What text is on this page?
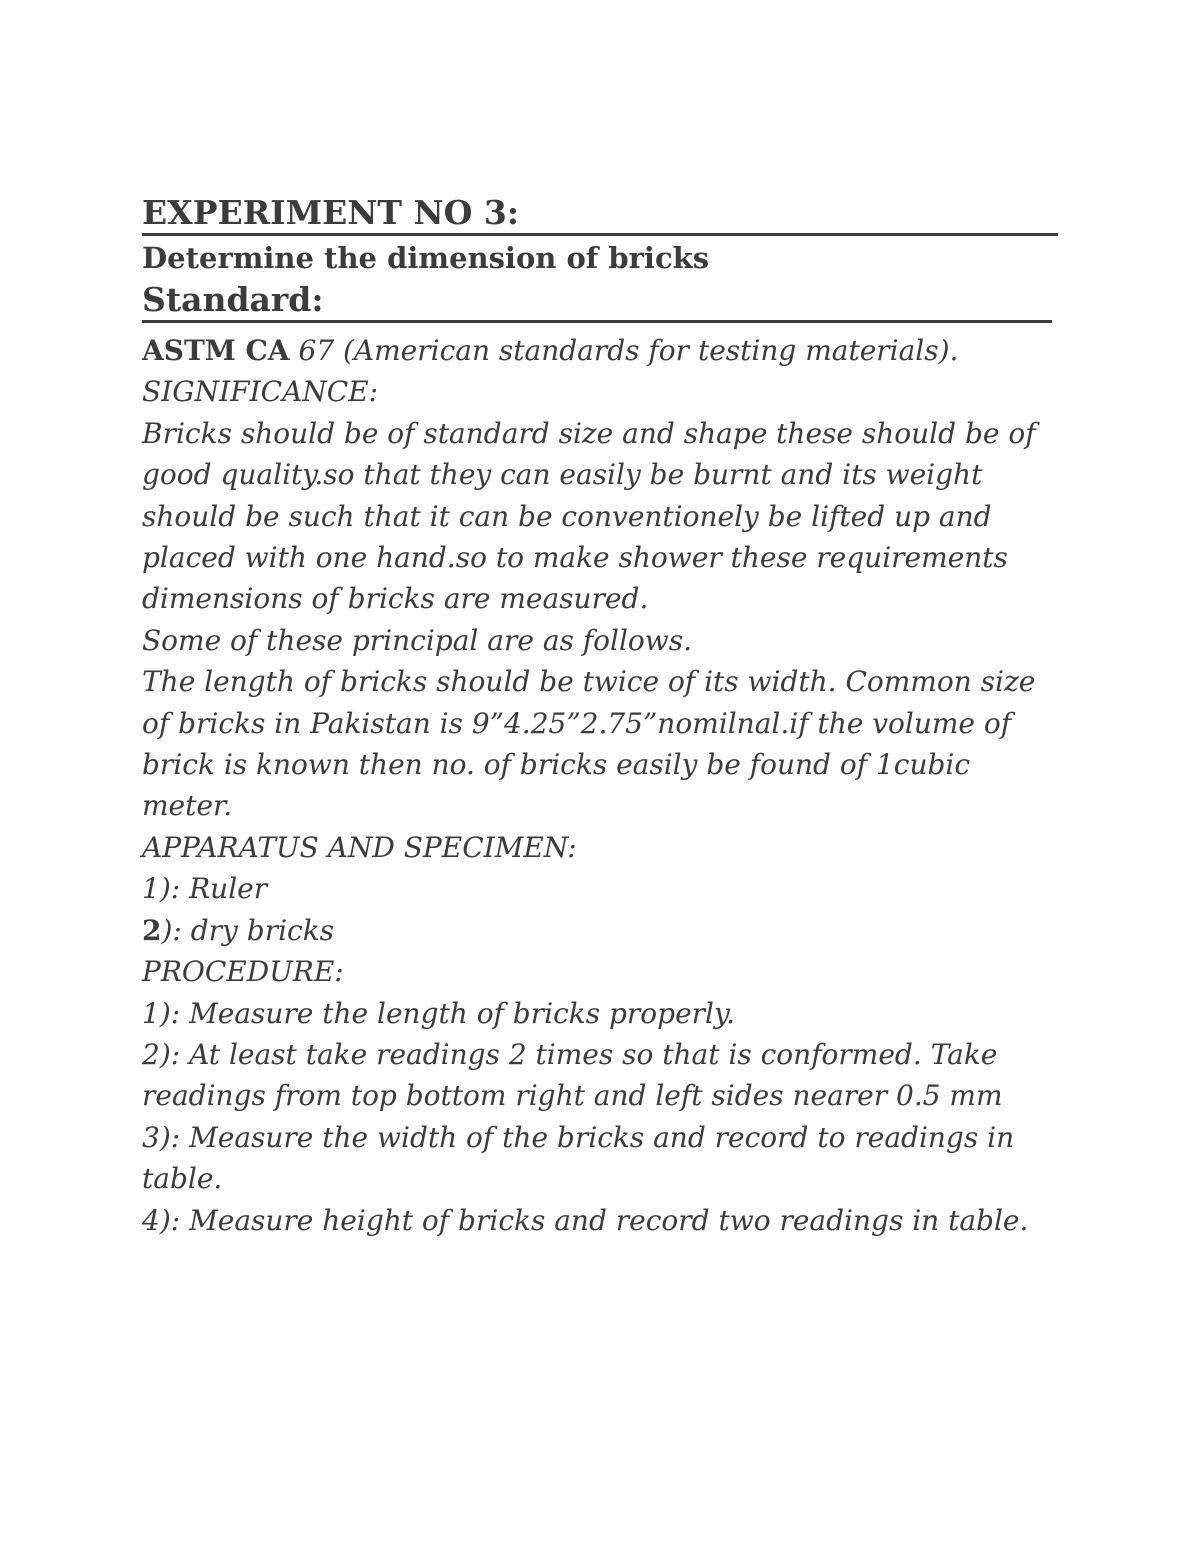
EXPERIMENT NO 3:
Determine the dimension of bricks
Standard:
ASTM CA 67 (American standards for testing materials).
SIGNIFICANCE:
Bricks should be of standard size and shape these should be of
good quality.so that they can easily be burnt and its weight
should be such that it can be conventionely be lifted up and
placed with one hand.so to make shower these requirements
dimensions of bricks are measured.
Some of these principal are as follows.
The length of bricks should be twice of its width. Common size
of bricks in Pakistan is 9”4.25”2.75”nomilnal.if the volume of
brick is known then no. of bricks easily be found of 1cubic
meter.
APPARATUS AND SPECIMEN:
1): Ruler
2): dry bricks
PROCEDURE:
1): Measure the length of bricks properly.
2): At least take readings 2 times so that is conformed. Take
readings from top bottom right and left sides nearer 0.5 mm
3): Measure the width of the bricks and record to readings in
table.
4): Measure height of bricks and record two readings in table.
